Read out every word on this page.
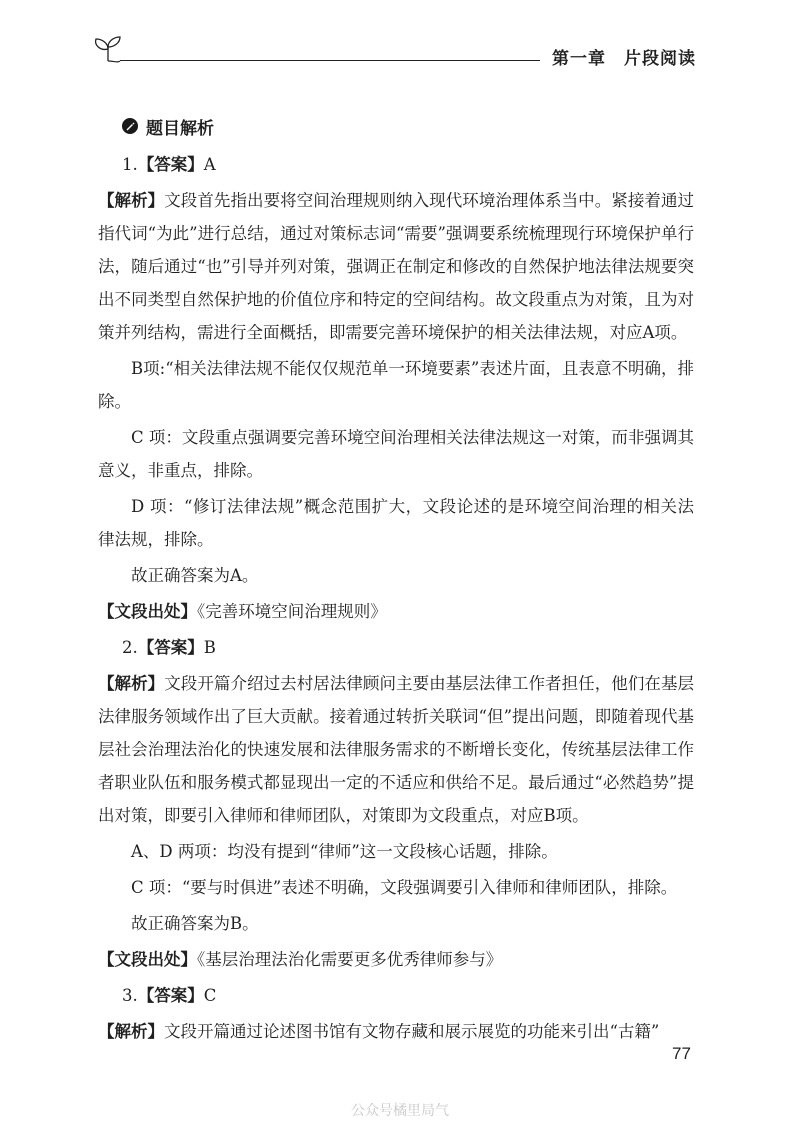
第一章　片段阅读
题目解析
1.【答案】A

【解析】文段首先指出要将空间治理规则纳入现代环境治理体系当中。紧接着通过指代词“为此”进行总结，通过对策标志词“需要”强调要系统梳理现行环境保护单行法，随后通过“也”引导并列对策，强调正在制定和修改的自然保护地法律法规要突出不同类型自然保护地的价值位序和特定的空间结构。故文段重点为对策，且为对策并列结构，需进行全面概括，即需要完善环境保护的相关法律法规，对应A项。

B项:“相关法律法规不能仅仅规范单一环境要素”表述片面，且表意不明确，排除。

C 项：文段重点强调要完善环境空间治理相关法律法规这一对策，而非强调其意义，非重点，排除。

D 项：“修订法律法规”概念范围扩大，文段论述的是环境空间治理的相关法律法规，排除。

故正确答案为A。

【文段出处】《完善环境空间治理规则》

2.【答案】B

【解析】文段开篇介绍过去村居法律顾问主要由基层法律工作者担任，他们在基层法律服务领域作出了巨大贡献。接着通过转折关联词“但”提出问题，即随着现代基层社会治理法治化的快速发展和法律服务需求的不断增长变化，传统基层法律工作者职业队伍和服务模式都显现出一定的不适应和供给不足。最后通过“必然趋势”提出对策，即要引入律师和律师团队，对策即为文段重点，对应B项。

A、D 两项：均没有提到“律师”这一文段核心话题，排除。

C 项：“要与时俱进”表述不明确，文段强调要引入律师和律师团队，排除。

故正确答案为B。

【文段出处】《基层治理法治化需要更多优秀律师参与》

3.【答案】C

【解析】文段开篇通过论述图书馆有文物存藏和展示展览的功能来引出“古籍”

77
公众号橘里局气
